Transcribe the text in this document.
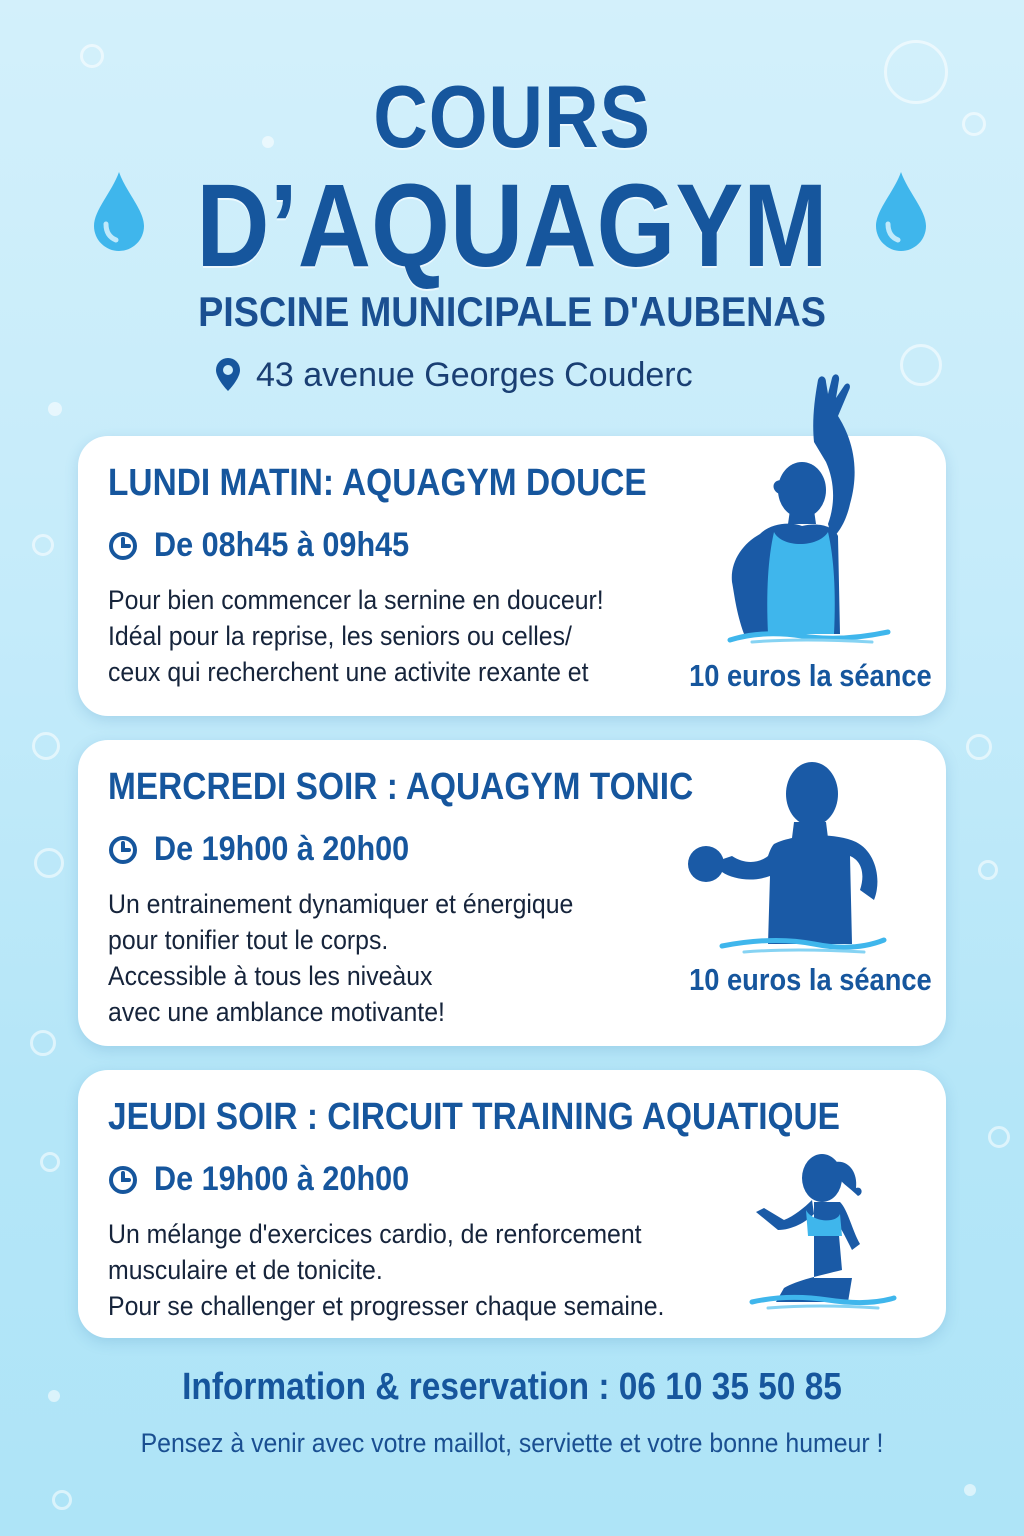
COURS
D’AQUAGYM
PISCINE MUNICIPALE D'AUBENAS
43 avenue Georges Couderc
LUNDI MATIN: AQUAGYM DOUCE
De 08h45 à 09h45
Pour bien commencer la sernine en douceur!
Idéal pour la reprise, les seniors ou celles/
ceux qui recherchent une activite rexante et	10 euros la séance
MERCREDI SOIR : AQUAGYM TONIC
De 19h00 à 20h00
Un entrainement dynamiquer et énergique
pour tonifier tout le corps.
Accessible à tous les niveàux
avec une amblance motivante!
10 euros la séance
JEUDI SOIR : CIRCUIT TRAINING AQUATIQUE
De 19h00 à 20h00
Un mélange d'exercices cardio, de renforcement
musculaire et de tonicite.
Pour se challenger et progresser chaque semaine.
Information & reservation : 06 10 35 50 85
Pensez à venir avec votre maillot, serviette et votre bonne humeur !
